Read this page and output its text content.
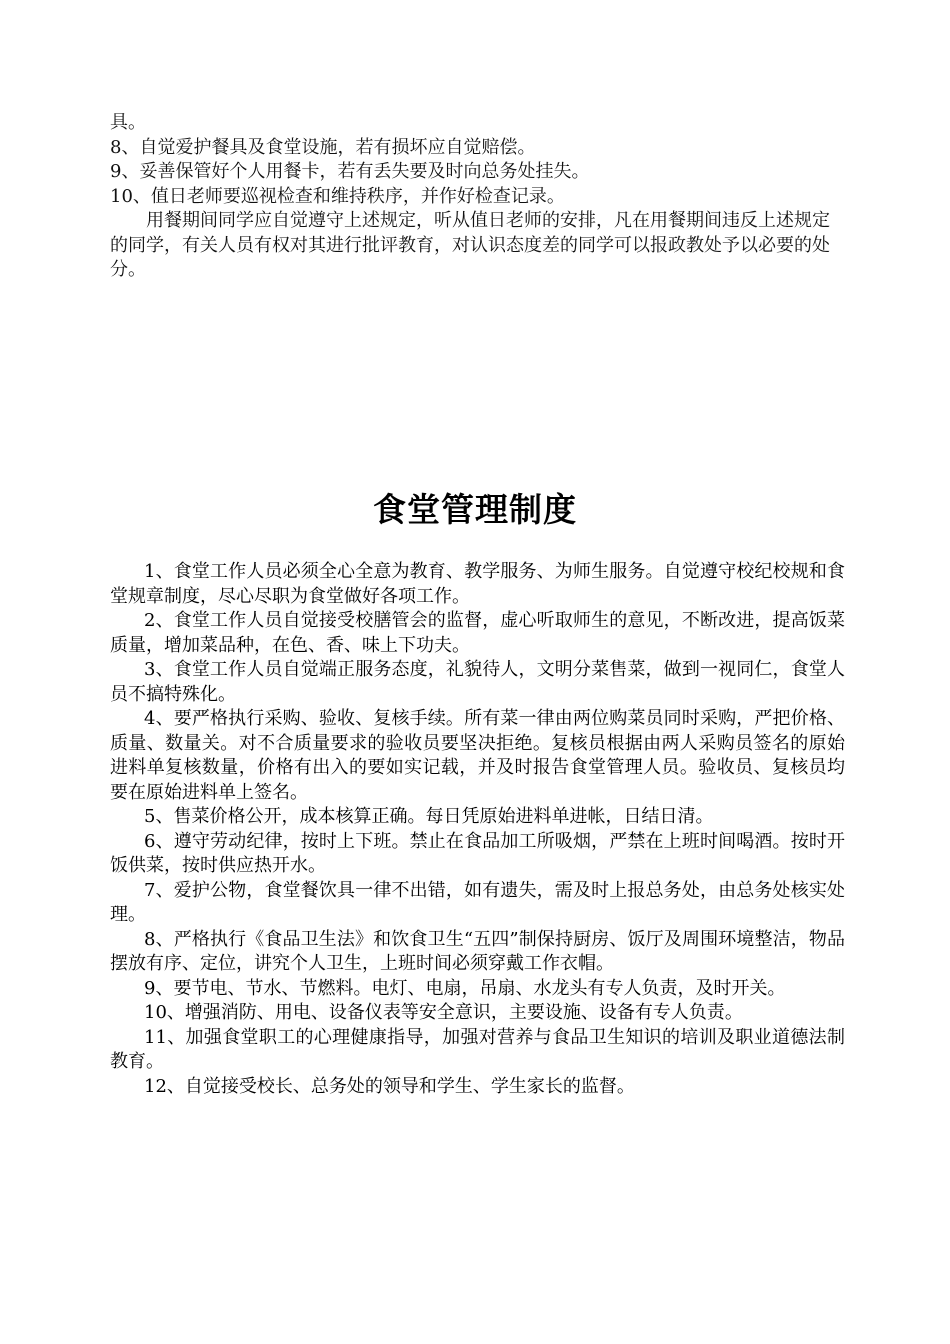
具。
8、自觉爱护餐具及食堂设施，若有损坏应自觉赔偿。
9、妥善保管好个人用餐卡，若有丢失要及时向总务处挂失。
10、值日老师要巡视检查和维持秩序，并作好检查记录。
用餐期间同学应自觉遵守上述规定，听从值日老师的安排，凡在用餐期间违反上述规定的同学，有关人员有权对其进行批评教育，对认识态度差的同学可以报政教处予以必要的处分。
食堂管理制度
1、食堂工作人员必须全心全意为教育、教学服务、为师生服务。自觉遵守校纪校规和食堂规章制度，尽心尽职为食堂做好各项工作。
2、食堂工作人员自觉接受校膳管会的监督，虚心听取师生的意见，不断改进，提高饭菜质量，增加菜品种，在色、香、味上下功夫。
3、食堂工作人员自觉端正服务态度，礼貌待人，文明分菜售菜，做到一视同仁，食堂人员不搞特殊化。
4、要严格执行采购、验收、复核手续。所有菜一律由两位购菜员同时采购，严把价格、质量、数量关。对不合质量要求的验收员要坚决拒绝。复核员根据由两人采购员签名的原始进料单复核数量，价格有出入的要如实记载，并及时报告食堂管理人员。验收员、复核员均要在原始进料单上签名。
5、售菜价格公开，成本核算正确。每日凭原始进料单进帐，日结日清。
6、遵守劳动纪律，按时上下班。禁止在食品加工所吸烟，严禁在上班时间喝酒。按时开饭供菜，按时供应热开水。
7、爱护公物，食堂餐饮具一律不出错，如有遗失，需及时上报总务处，由总务处核实处理。
8、严格执行《食品卫生法》和饮食卫生“五四”制保持厨房、饭厅及周围环境整洁，物品摆放有序、定位，讲究个人卫生，上班时间必须穿戴工作衣帽。
9、要节电、节水、节燃料。电灯、电扇，吊扇、水龙头有专人负责，及时开关。
10、增强消防、用电、设备仪表等安全意识，主要设施、设备有专人负责。
11、加强食堂职工的心理健康指导，加强对营养与食品卫生知识的培训及职业道德法制教育。
12、自觉接受校长、总务处的领导和学生、学生家长的监督。
